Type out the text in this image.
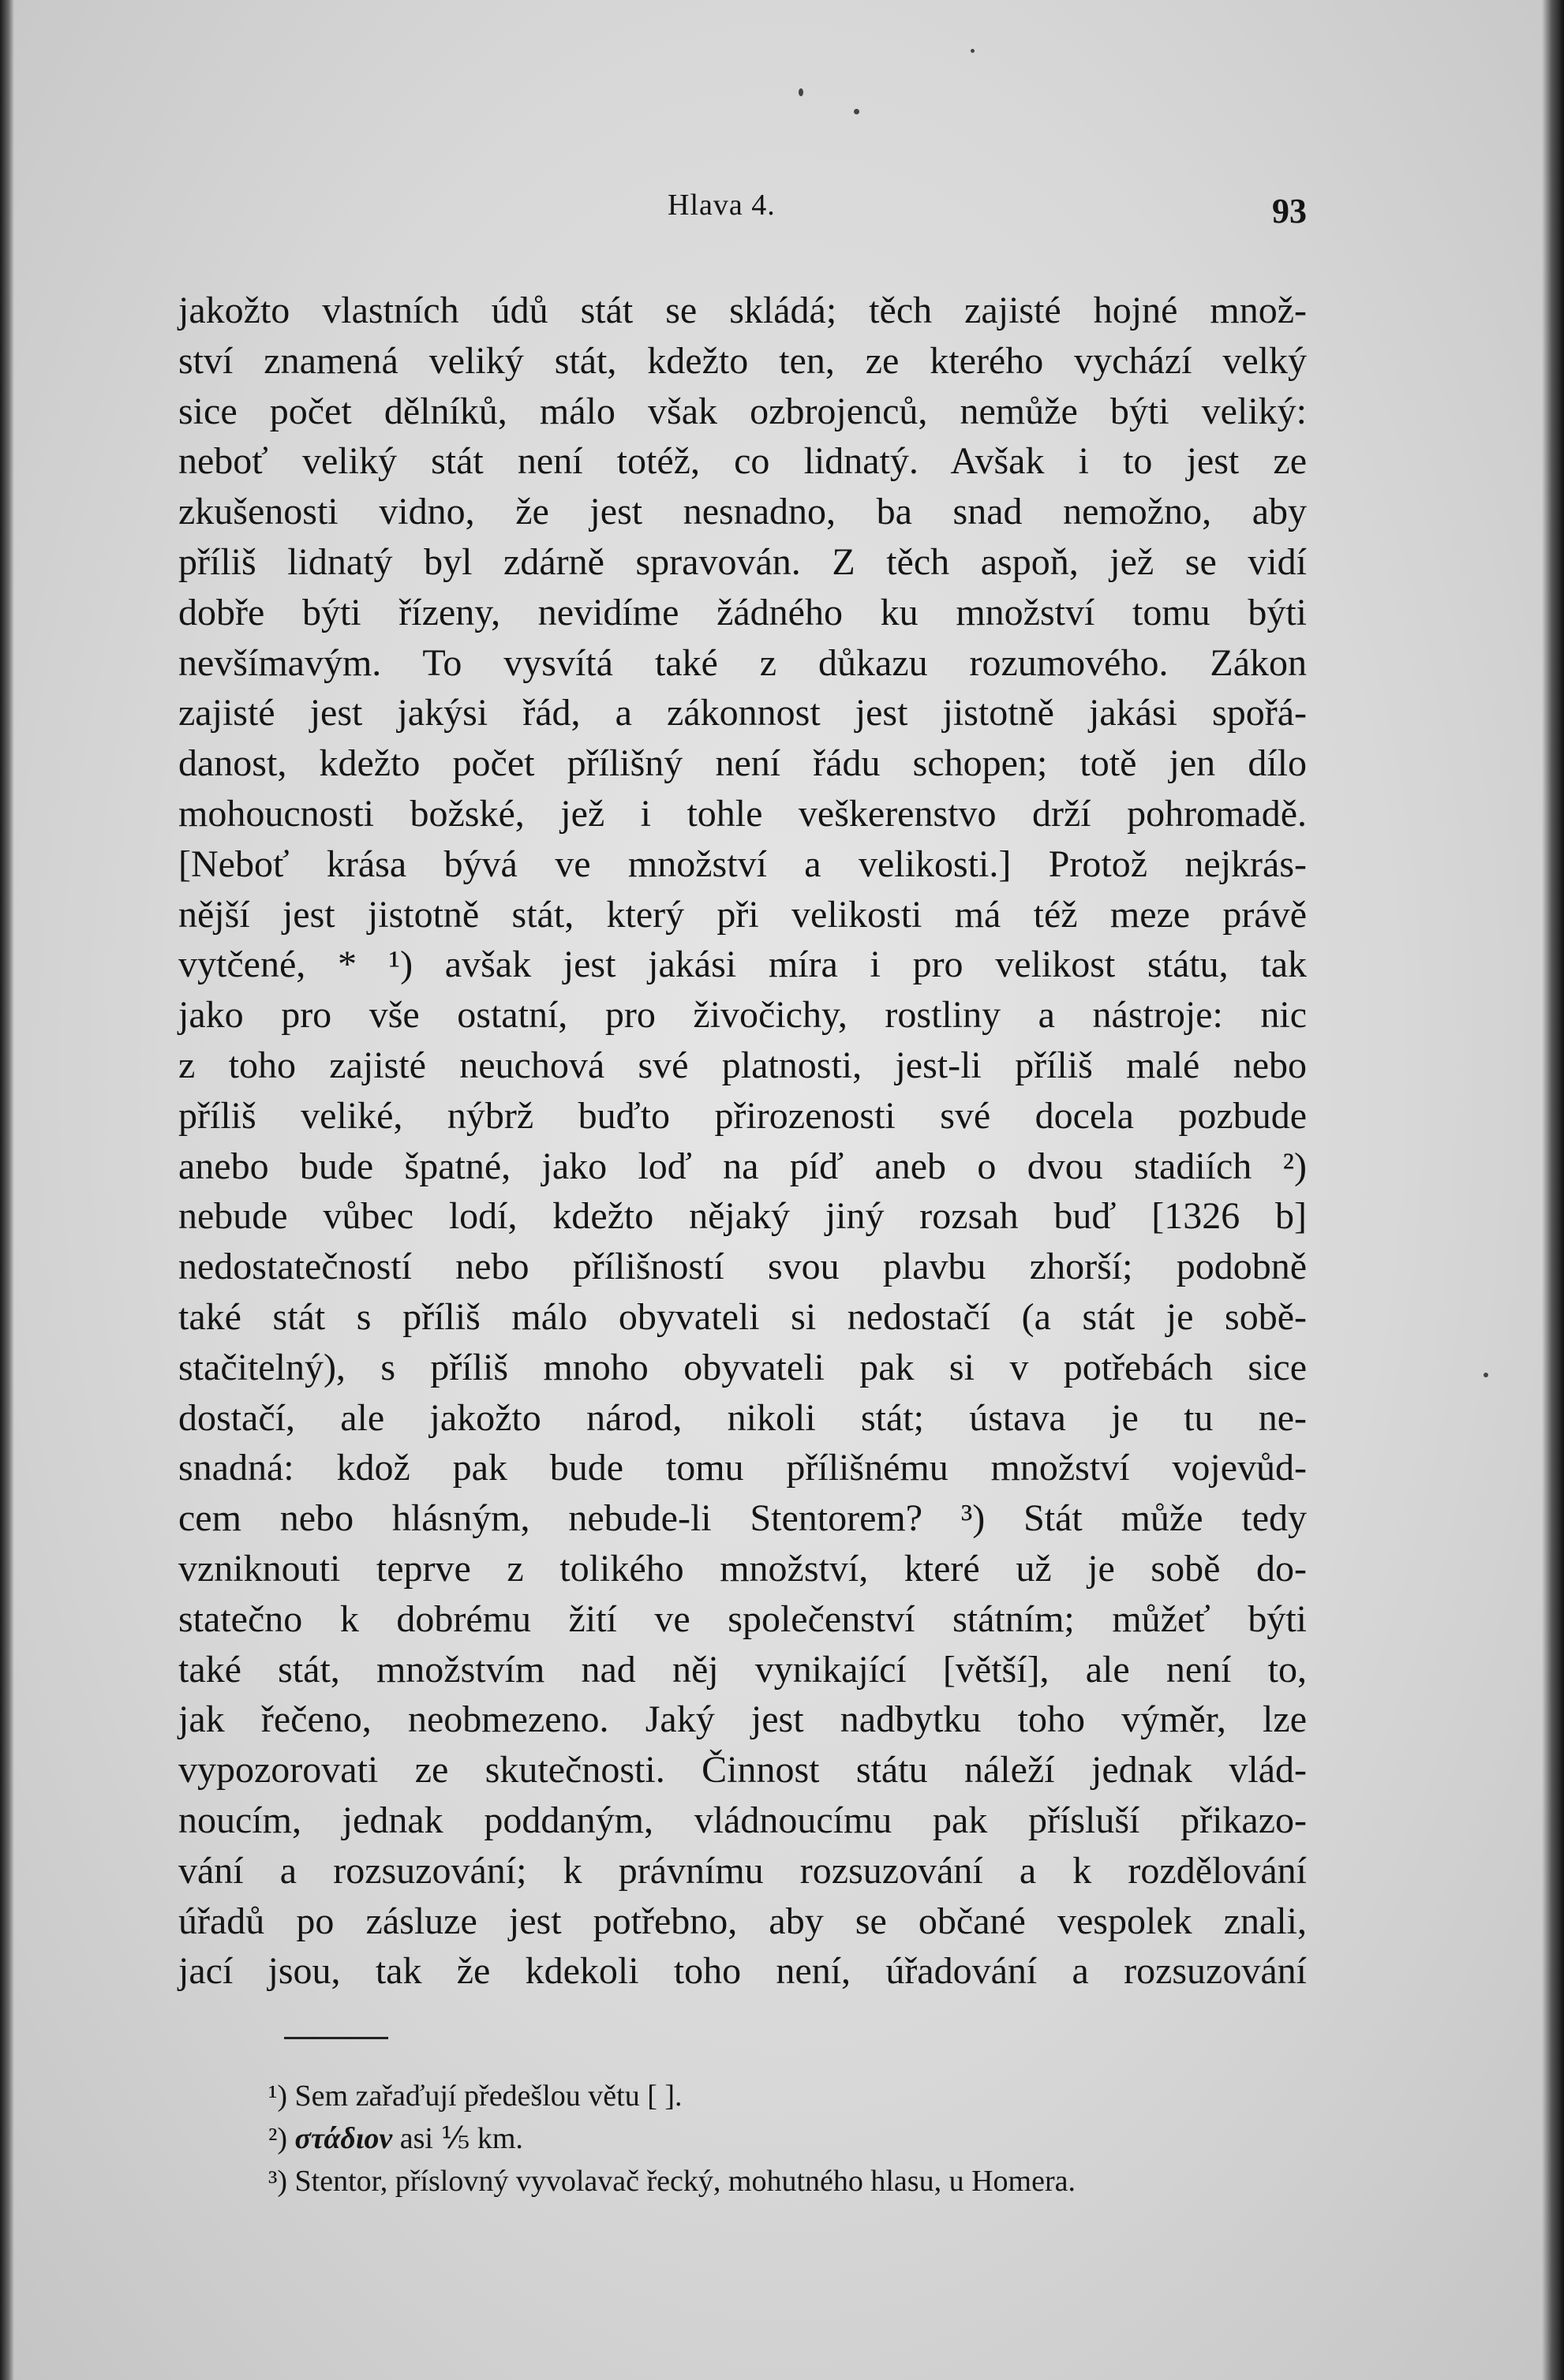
Hlava 4.	93
jakožto vlastních údů stát se skládá; těch zajisté hojné množ-
ství znamená veliký stát, kdežto ten, ze kterého vychází velký
sice počet dělníků, málo však ozbrojenců, nemůže býti veliký:
neboť veliký stát není totéž, co lidnatý. Avšak i to jest ze
zkušenosti vidno, že jest nesnadno, ba snad nemožno, aby
příliš lidnatý byl zdárně spravován. Z těch aspoň, jež se vidí
dobře býti řízeny, nevidíme žádného ku množství tomu býti
nevšímavým. To vysvítá také z důkazu rozumového. Zákon
zajisté jest jakýsi řád, a zákonnost jest jistotně jakási spořá-
danost, kdežto počet přílišný není řádu schopen; totě jen dílo
mohoucnosti božské, jež i tohle veškerenstvo drží pohromadě.
[Neboť krása bývá ve množství a velikosti.] Protož nejkrás-
nější jest jistotně stát, který při velikosti má též meze právě
vytčené, * ¹) avšak jest jakási míra i pro velikost státu, tak
jako pro vše ostatní, pro živočichy, rostliny a nástroje: nic
z toho zajisté neuchová své platnosti, jest-li příliš malé nebo
příliš veliké, nýbrž buďto přirozenosti své docela pozbude
anebo bude špatné, jako loď na píď aneb o dvou stadiích ²)
nebude vůbec lodí, kdežto nějaký jiný rozsah buď [1326 b]
nedostatečností nebo přílišností svou plavbu zhorší; podobně
také stát s příliš málo obyvateli si nedostačí (a stát je sobě-
stačitelný), s příliš mnoho obyvateli pak si v potřebách sice
dostačí, ale jakožto národ, nikoli stát; ústava je tu ne-
snadná: kdož pak bude tomu přílišnému množství vojevůd-
cem nebo hlásným, nebude-li Stentorem? ³) Stát může tedy
vzniknouti teprve z tolikého množství, které už je sobě do-
statečno k dobrému žití ve společenství státním; můžeť býti
také stát, množstvím nad něj vynikající [větší], ale není to,
jak řečeno, neobmezeno. Jaký jest nadbytku toho výměr, lze
vypozorovati ze skutečnosti. Činnost státu náleží jednak vlád-
noucím, jednak poddaným, vládnoucímu pak přísluší přikazo-
vání a rozsuzování; k právnímu rozsuzování a k rozdělování
úřadů po zásluze jest potřebno, aby se občané vespolek znali,
jací jsou, tak že kdekoli toho není, úřadování a rozsuzování
¹) Sem zařaďují předešlou větu [ ].
²) στάδιον asi ⅕ km.
³) Stentor, příslovný vyvolavač řecký, mohutného hlasu, u Homera.
